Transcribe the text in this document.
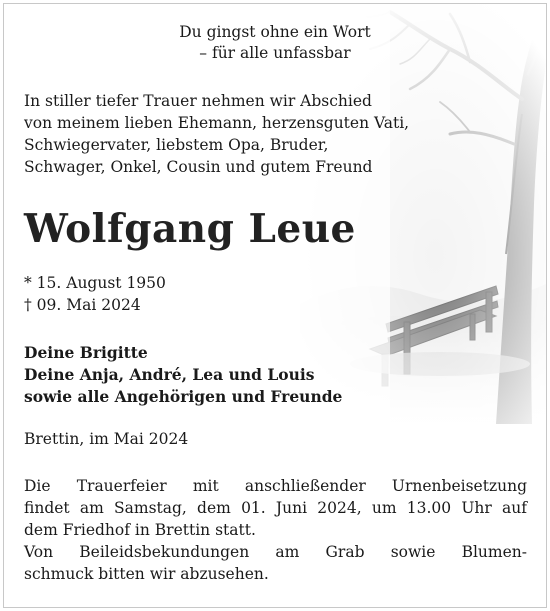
Du gingst ohne ein Wort
– für alle unfassbar
In stiller tiefer Trauer nehmen wir Abschied
von meinem lieben Ehemann, herzensguten Vati,
Schwiegervater, liebstem Opa, Bruder,
Schwager, Onkel, Cousin und gutem Freund
Wolfgang Leue
* 15. August 1950
† 09. Mai 2024
Deine Brigitte
Deine Anja, André, Lea und Louis
sowie alle Angehörigen und Freunde
Brettin, im Mai 2024
Die Trauerfeier mit anschließender Urnenbeisetzung
findet am Samstag, dem 01. Juni 2024, um 13.00 Uhr auf
dem Friedhof in Brettin statt.
Von Beileidsbekundungen am Grab sowie Blumen-
schmuck bitten wir abzusehen.
